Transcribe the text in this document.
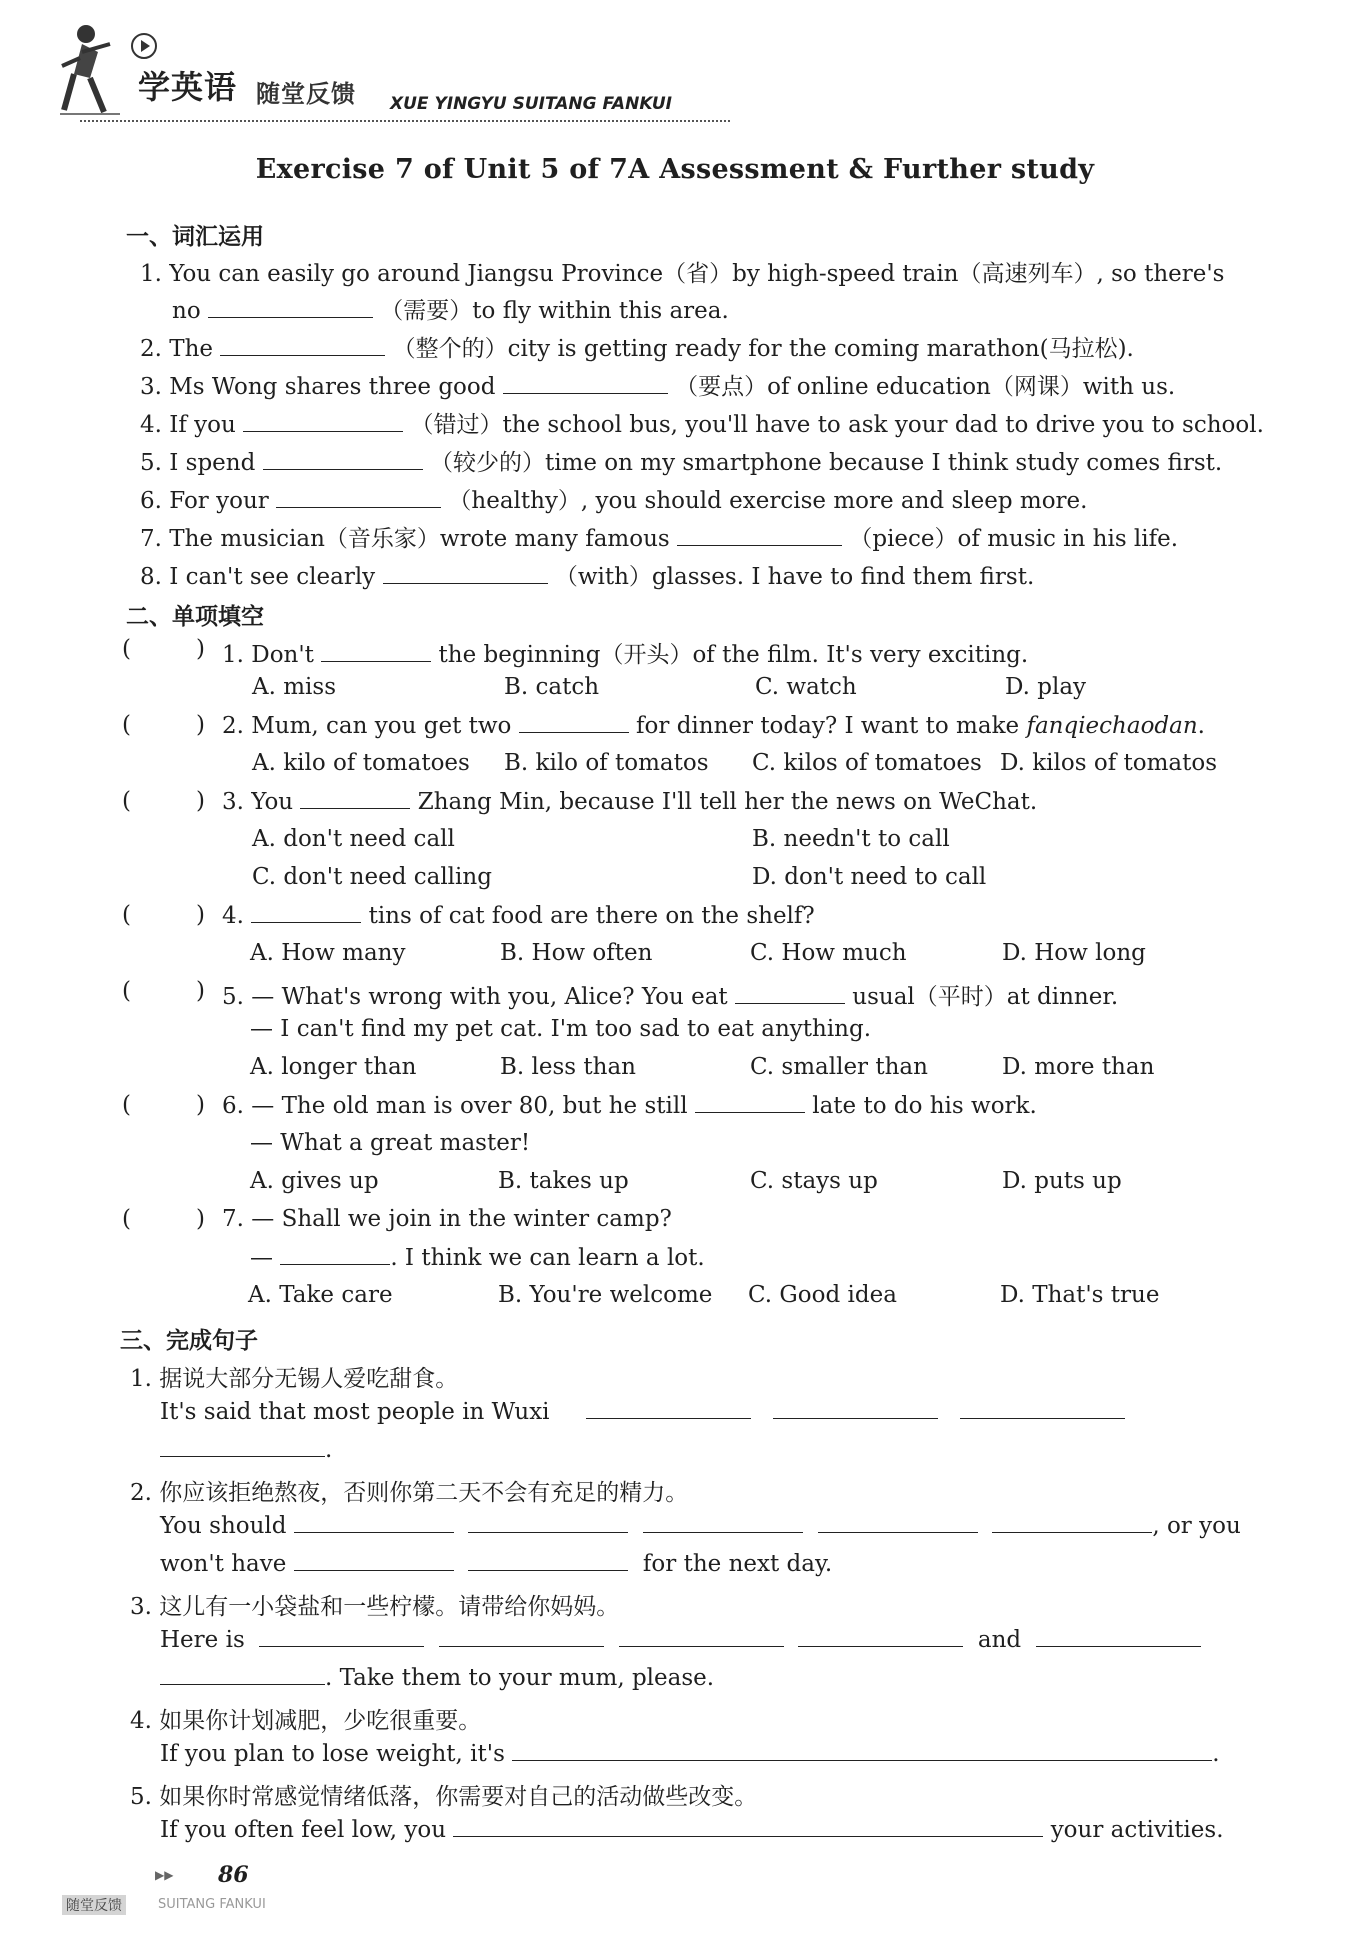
学英语 随堂反馈 XUE YINGYU SUITANG FANKUI
Exercise 7 of Unit 5 of 7A Assessment & Further study
一、词汇运用
1. You can easily go around Jiangsu Province（省）by high-speed train（高速列车）, so there's
no	（需要）to fly within this area.
2. The	（整个的）city is getting ready for the coming marathon(马拉松).
3. Ms Wong shares three good	（要点）of online education（网课）with us.
4. If you	（错过）the school bus, you'll have to ask your dad to drive you to school.
5. I spend	（较少的）time on my smartphone because I think study comes first.
6. For your	（healthy）, you should exercise more and sleep more.
7. The musician（音乐家）wrote many famous	（piece）of music in his life.
8. I can't see clearly	（with）glasses. I have to find them first.
二、单项填空
(	) 1. Don't	the beginning（开头）of the film. It's very exciting.
A. miss	B. catch	C. watch	D. play
(	) 2. Mum, can you get two	for dinner today? I want to make fanqiechaodan.
A. kilo of tomatoes B. kilo of tomatos C. kilos of tomatoes D. kilos of tomatos
(	) 3. You	Zhang Min, because I'll tell her the news on WeChat.
A. don't need call	B. needn't to call
C. don't need calling	D. don't need to call
(	) 4.	tins of cat food are there on the shelf?
A. How many	B. How often	C. How much	D. How long
(	) 5. — What's wrong with you, Alice? You eat	usual（平时）at dinner.
— I can't find my pet cat. I'm too sad to eat anything.
A. longer than	B. less than	C. smaller than	D. more than
(	) 6. — The old man is over 80, but he still	late to do his work.
— What a great master!
A. gives up	B. takes up	C. stays up	D. puts up
(	) 7. — Shall we join in the winter camp?
—	. I think we can learn a lot.
A. Take care	B. You're welcome C. Good idea	D. That's true
三、完成句子
1. 据说大部分无锡人爱吃甜食。
It's said that most people in Wuxi
.
2. 你应该拒绝熬夜，否则你第二天不会有充足的精力。
You should	, or you
won't have	for the next day.
3. 这儿有一小袋盐和一些柠檬。请带给你妈妈。
Here is	and
. Take them to your mum, please.
4. 如果你计划减肥，少吃很重要。
If you plan to lose weight, it's	.
5. 如果你时常感觉情绪低落，你需要对自己的活动做些改变。
If you often feel low, you	your activities.
▶▶ 86
随堂反馈	SUITANG FANKUI
